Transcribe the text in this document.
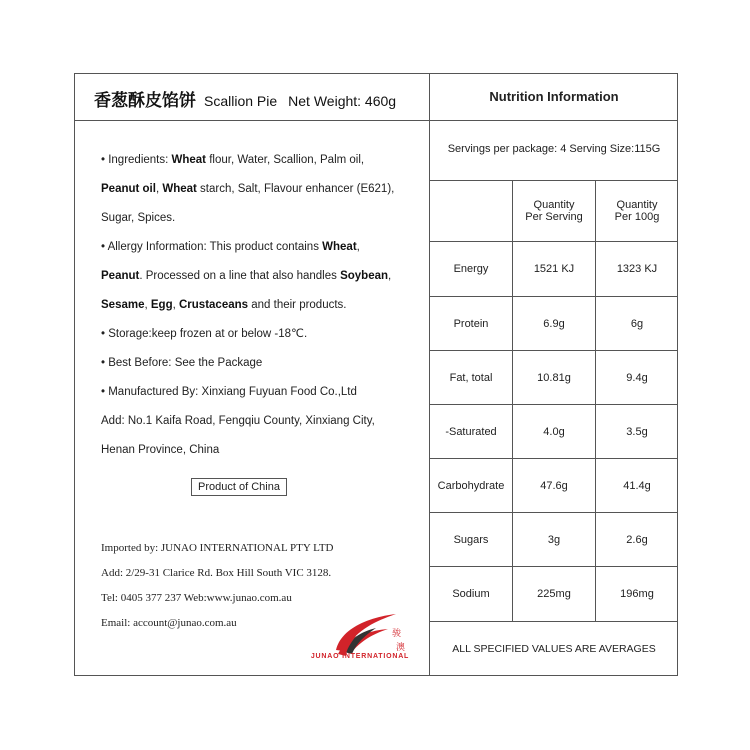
香葱酥皮馅饼 Scallion Pie Net Weight: 460g

• Ingredients: Wheat flour, Water, Scallion, Palm oil,

Peanut oil, Wheat starch, Salt, Flavour enhancer (E621),

Sugar, Spices.

• Allergy Information: This product contains Wheat,

Peanut. Processed on a line that also handles Soybean,

Sesame, Egg, Crustaceans and their products.

• Storage:keep frozen at or below -18℃.

• Best Before: See the Package

• Manufactured By: Xinxiang Fuyuan Food Co.,Ltd

Add: No.1 Kaifa Road, Fengqiu County, Xinxiang City,

Henan Province, China

Product of China

Imported by: JUNAO INTERNATIONAL PTY LTD

Add: 2/29-31 Clarice Rd. Box Hill South VIC 3128.

Tel: 0405 377 237 Web:www.junao.com.au

Email: account@junao.com.au

骏
澳
JUNAO INTERNATIONAL
Nutrition Information
Servings per package: 4 Serving Size:115G
Quantity
Per Serving
Quantity
Per 100g
Energy	1521 KJ	1323 KJ
Protein	6.9g	6g
Fat, total	10.81g	9.4g
-Saturated	4.0g	3.5g
Carbohydrate	47.6g	41.4g
Sugars	3g	2.6g
Sodium	225mg	196mg
ALL SPECIFIED VALUES ARE AVERAGES
